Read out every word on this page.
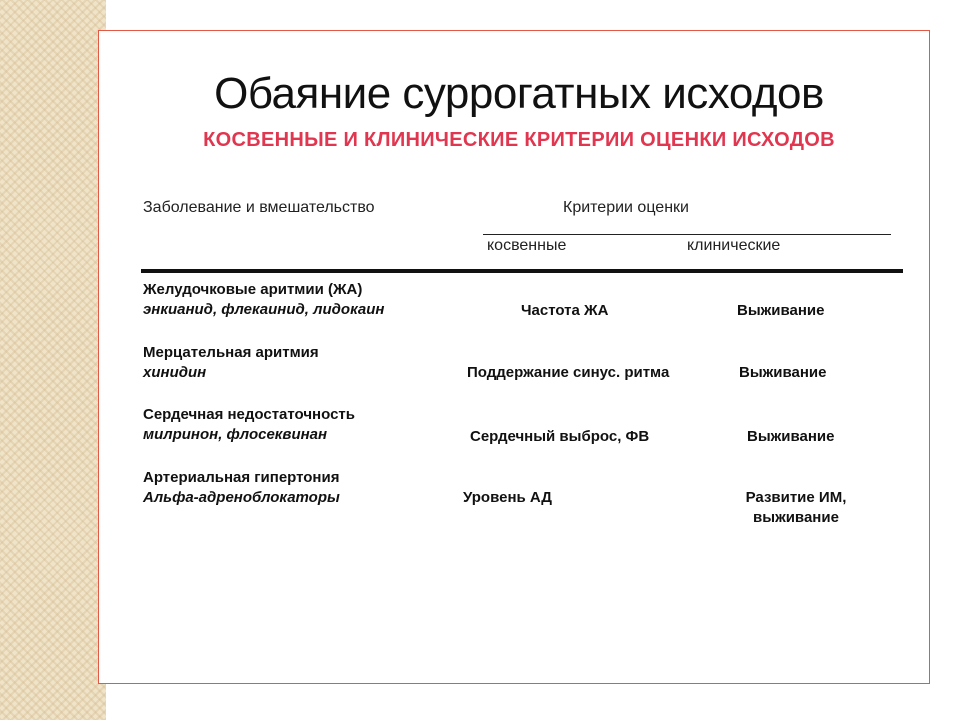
Обаяние суррогатных исходов
КОСВЕННЫЕ И КЛИНИЧЕСКИЕ КРИТЕРИИ ОЦЕНКИ ИСХОДОВ
Заболевание и вмешательство	Критерии оценки
косвенные	клинические
Желудочковые аритмии (ЖА)
энкианид, флекаинид, лидокаин	Частота ЖА	Выживание
Мерцательная аритмия
хинидин	Поддержание синус. ритма	Выживание
Сердечная недостаточность
милринон, флосеквинан	Сердечный выброс, ФВ	Выживание
Артериальная гипертония
Альфа-адреноблокаторы	Уровень АД	Развитие ИМ, выживание
